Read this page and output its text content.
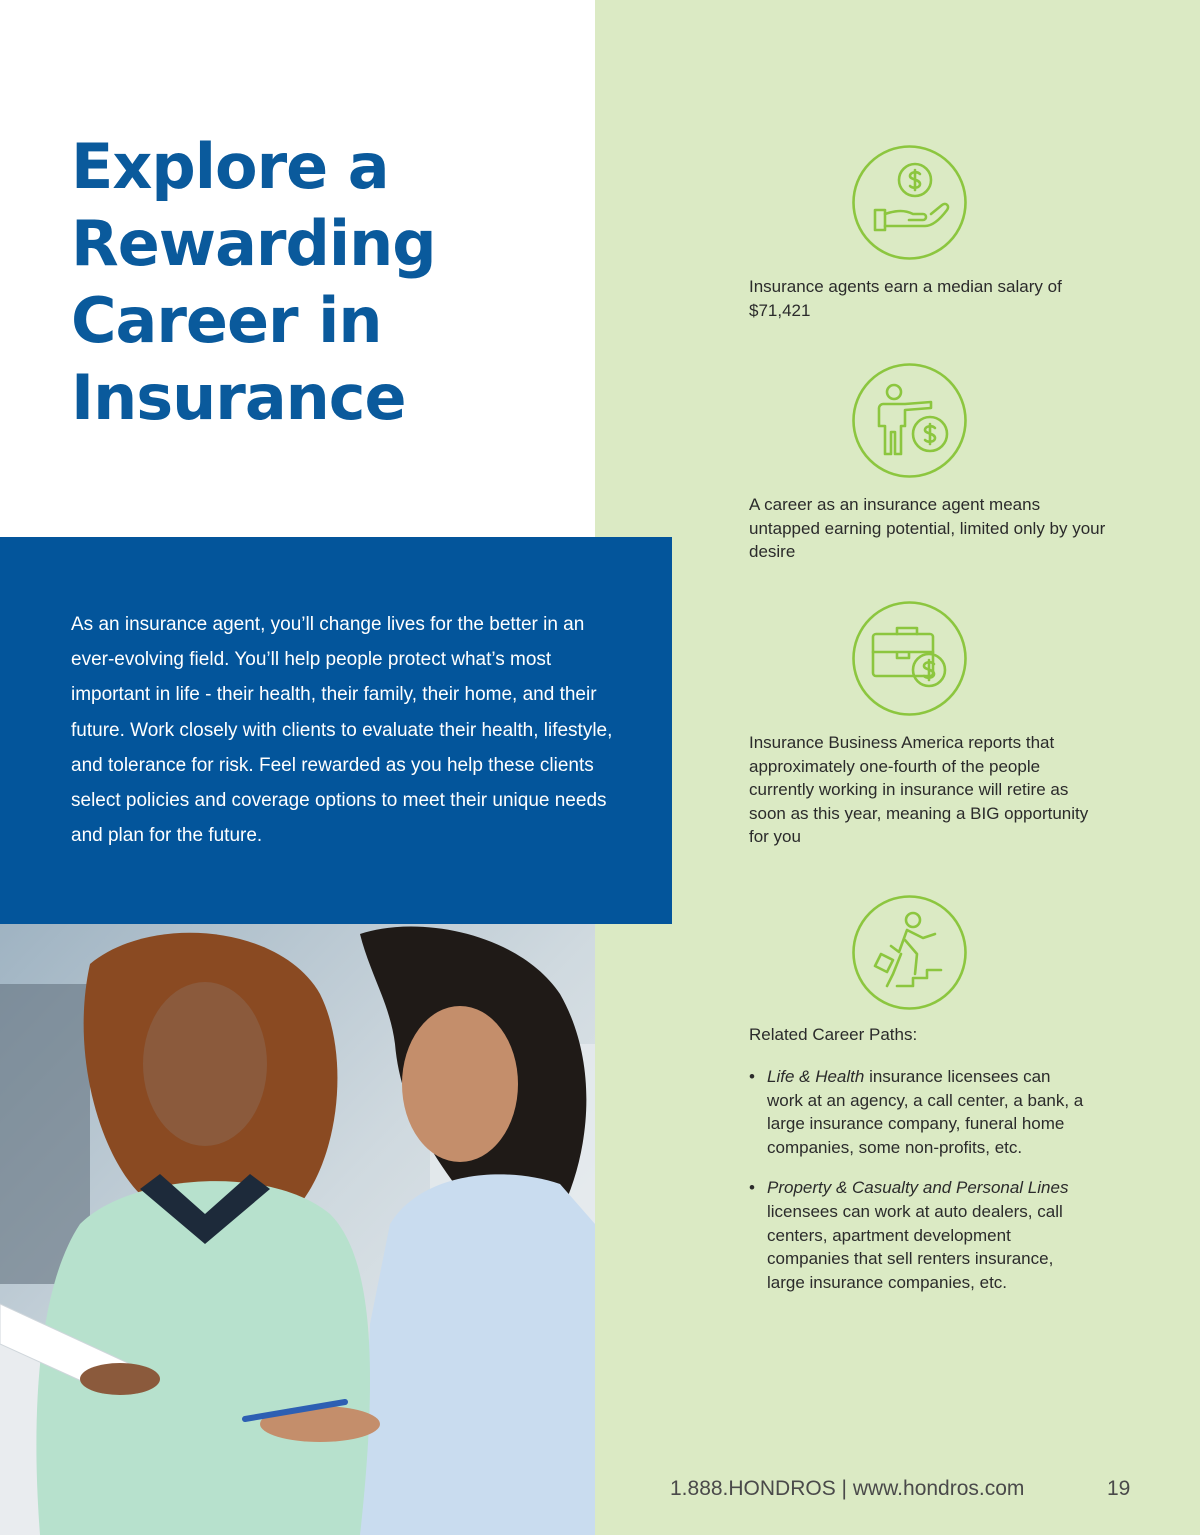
Explore a
Rewarding
Career in
Insurance

As an insurance agent, you’ll change lives for the better in an ever-evolving field. You’ll help people protect what’s most important in life - their health, their family, their home, and their future. Work closely with clients to evaluate their health, lifestyle, and tolerance for risk. Feel rewarded as you help these clients select policies and coverage options to meet their unique needs and plan for the future.

Insurance agents earn a median salary of $71,421
A career as an insurance agent means untapped earning potential, limited only by your desire
Insurance Business America reports that approximately one-fourth of the people currently working in insurance will retire as soon as this year, meaning a BIG opportunity for you
Related Career Paths:
• Life & Health insurance licensees can work at an agency, a call center, a bank, a large insurance company, funeral home companies, some non-profits, etc.
• Property & Casualty and Personal Lines licensees can work at auto dealers, call centers, apartment development companies that sell renters insurance, large insurance companies, etc.
1.888.HONDROS | www.hondros.com	19
